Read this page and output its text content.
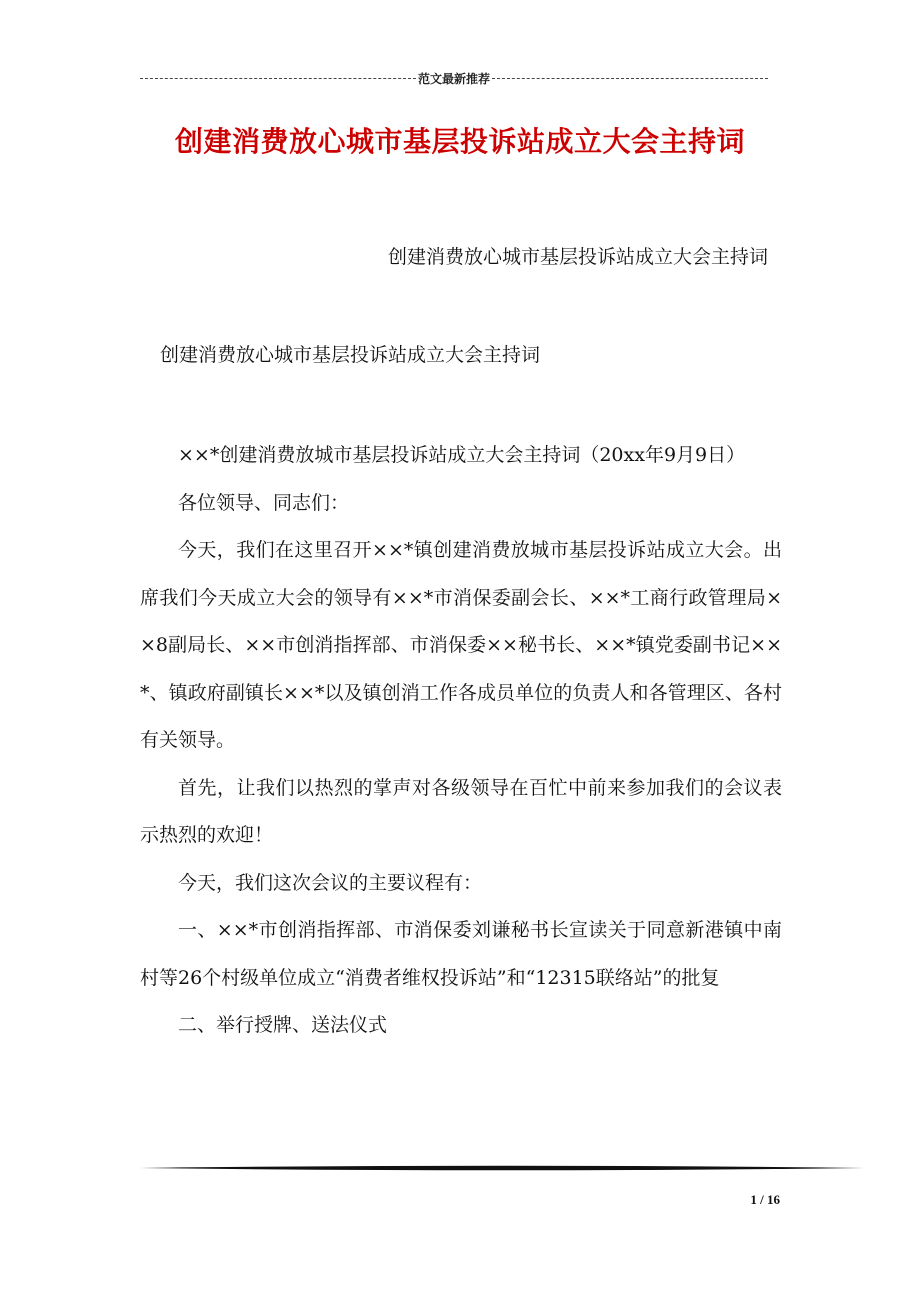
范文最新推荐
创建消费放心城市基层投诉站成立大会主持词
创建消费放心城市基层投诉站成立大会主持词
创建消费放心城市基层投诉站成立大会主持词

××*创建消费放城市基层投诉站成立大会主持词（20xx年9月9日）

各位领导、同志们：

今天，我们在这里召开××*镇创建消费放城市基层投诉站成立大会。出席我们今天成立大会的领导有××*市消保委副会长、××*工商行政管理局××8副局长、××市创消指挥部、市消保委××秘书长、××*镇党委副书记××*、镇政府副镇长××*以及镇创消工作各成员单位的负责人和各管理区、各村有关领导。

首先，让我们以热烈的掌声对各级领导在百忙中前来参加我们的会议表示热烈的欢迎！

今天，我们这次会议的主要议程有：

一、××*市创消指挥部、市消保委刘谦秘书长宣读关于同意新港镇中南村等26个村级单位成立“消费者维权投诉站”和“12315联络站”的批复

二、举行授牌、送法仪式

1 / 16
